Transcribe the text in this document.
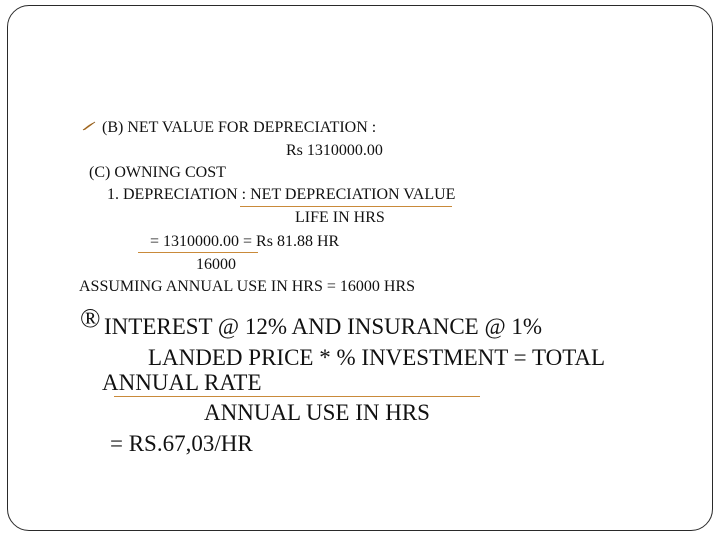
(B) NET VALUE FOR DEPRECIATION :
Rs 1310000.00
(C) OWNING COST
1. DEPRECIATION : NET DEPRECIATION VALUE
LIFE IN HRS
= 1310000.00 = Rs 81.88 HR
16000
ASSUMING ANNUAL USE IN HRS = 16000 HRS
® INTEREST @ 12% AND INSURANCE @ 1%
LANDED PRICE * % INVESTMENT = TOTAL
ANNUAL RATE
ANNUAL USE IN HRS
= RS.67,03/HR
